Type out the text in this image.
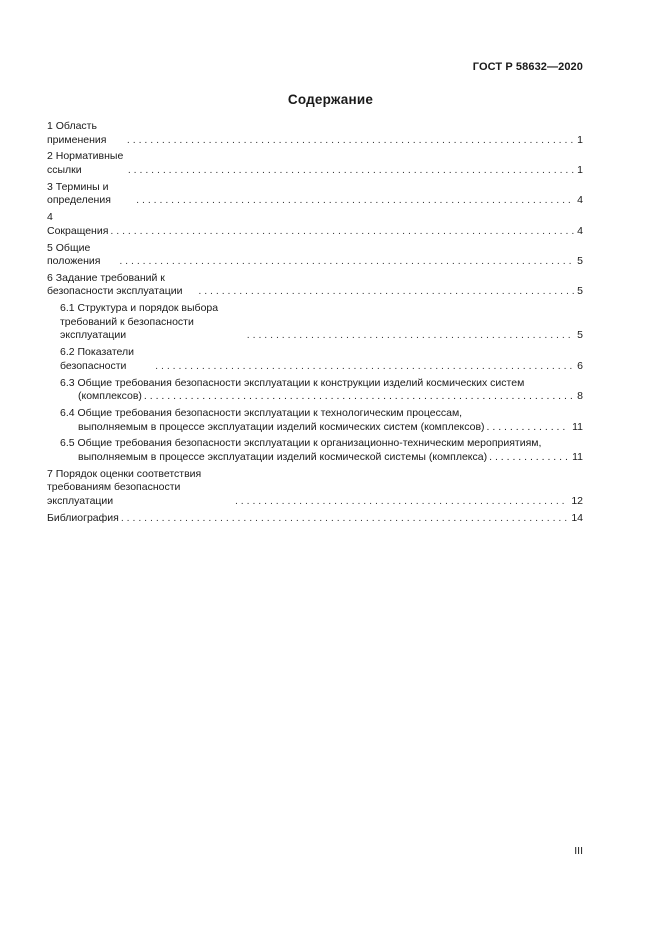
ГОСТ Р 58632—2020
Содержание
1 Область применения . . .	1
2 Нормативные ссылки . . .	1
3 Термины и определения . . .	4
4 Сокращения . . .	4
5 Общие положения . . .	5
6 Задание требований к безопасности эксплуатации . . .	5
6.1 Структура и порядок выбора требований к безопасности эксплуатации . . .	5
6.2 Показатели безопасности . . .	6
6.3 Общие требования безопасности эксплуатации к конструкции изделий космических систем
(комплексов) . . .	8
6.4 Общие требования безопасности эксплуатации к технологическим процессам,
выполняемым в процессе эксплуатации изделий космических систем (комплексов) . . .	11
6.5 Общие требования безопасности эксплуатации к организационно-техническим мероприятиям,
выполняемым в процессе эксплуатации изделий космической системы (комплекса) . . .	11
7 Порядок оценки соответствия требованиям безопасности эксплуатации . . .	12
Библиография . . .	14
III
